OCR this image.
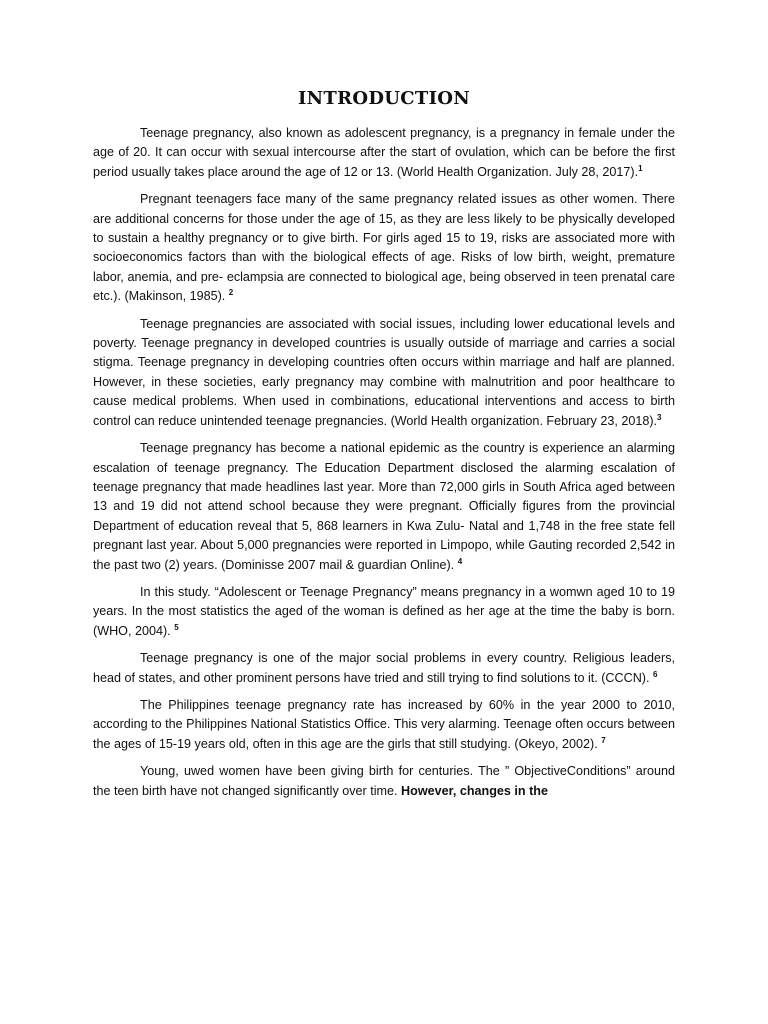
INTRODUCTION

Teenage pregnancy, also known as adolescent pregnancy, is a pregnancy in female under the age of 20. It can occur with sexual intercourse after the start of ovulation, which can be before the first period usually takes place around the age of 12 or 13. (World Health Organization. July 28, 2017).$^1$

Pregnant teenagers face many of the same pregnancy related issues as other women. There are additional concerns for those under the age of 15, as they are less likely to be physically developed to sustain a healthy pregnancy or to give birth. For girls aged 15 to 19, risks are associated more with socioeconomics factors than with the biological effects of age. Risks of low birth, weight, premature labor, anemia, and pre- eclampsia are connected to biological age, being observed in teen prenatal care etc.). (Makinson, 1985). $^2$

Teenage pregnancies are associated with social issues, including lower educational levels and poverty. Teenage pregnancy in developed countries is usually outside of marriage and carries a social stigma. Teenage pregnancy in developing countries often occurs within marriage and half are planned. However, in these societies, early pregnancy may combine with malnutrition and poor healthcare to cause medical problems. When used in combinations, educational interventions and access to birth control can reduce unintended teenage pregnancies. (World Health organization. February 23, 2018).$^3$

Teenage pregnancy has become a national epidemic as the country is experience an alarming escalation of teenage pregnancy. The Education Department disclosed the alarming escalation of teenage pregnancy that made headlines last year. More than 72,000 girls in South Africa aged between 13 and 19 did not attend school because they were pregnant. Officially figures from the provincial Department of education reveal that 5, 868 learners in Kwa Zulu- Natal and 1,748 in the free state fell pregnant last year. About 5,000 pregnancies were reported in Limpopo, while Gauting recorded 2,542 in the past two (2) years. (Dominisse 2007 mail & guardian Online). $^4$

In this study. “Adolescent or Teenage Pregnancy” means pregnancy in a womwn aged 10 to 19 years. In the most statistics the aged of the woman is defined as her age at the time the baby is born. (WHO, 2004). $^5$

Teenage pregnancy is one of the major social problems in every country. Religious leaders, head of states, and other prominent persons have tried and still trying to find solutions to it. (CCCN). $^6$

The Philippines teenage pregnancy rate has increased by 60% in the year 2000 to 2010, according to the Philippines National Statistics Office. This very alarming. Teenage often occurs between the ages of 15-19 years old, often in this age are the girls that still studying. (Okeyo, 2002). $^7$

Young, uwed women have been giving birth for centuries. The ” ObjectiveConditions” around the teen birth have not changed significantly over time. However, changes in the
